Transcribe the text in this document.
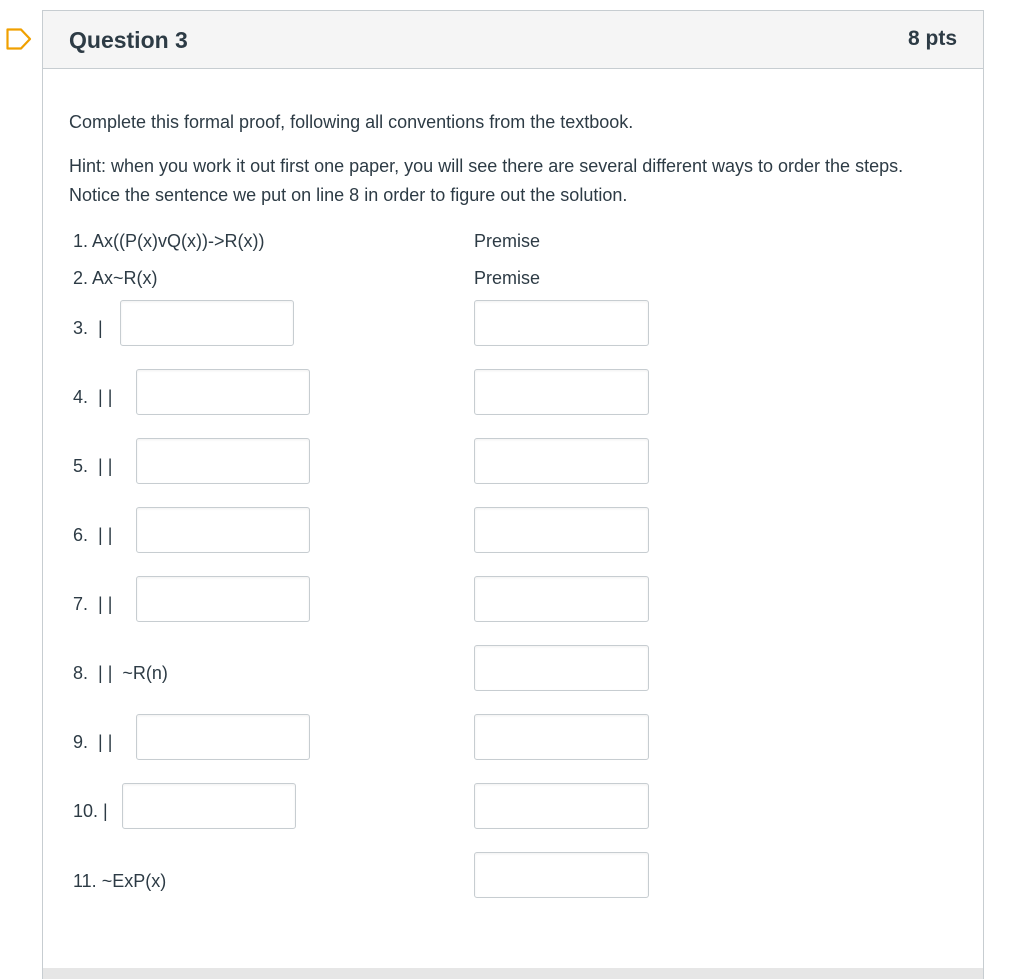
Question 3	8 pts
Complete this formal proof, following all conventions from the textbook.
Hint: when you work it out first one paper, you will see there are several different ways to order the steps. Notice the sentence we put on line 8 in order to figure out the solution.
1. Ax((P(x)vQ(x))->R(x))	Premise
2. Ax~R(x)	Premise
3.  |
4.  | |
5.  | |
6.  | |
7.  | |
8.  | |  ~R(n)
9.  | |
10. |
11. ~ExP(x)
